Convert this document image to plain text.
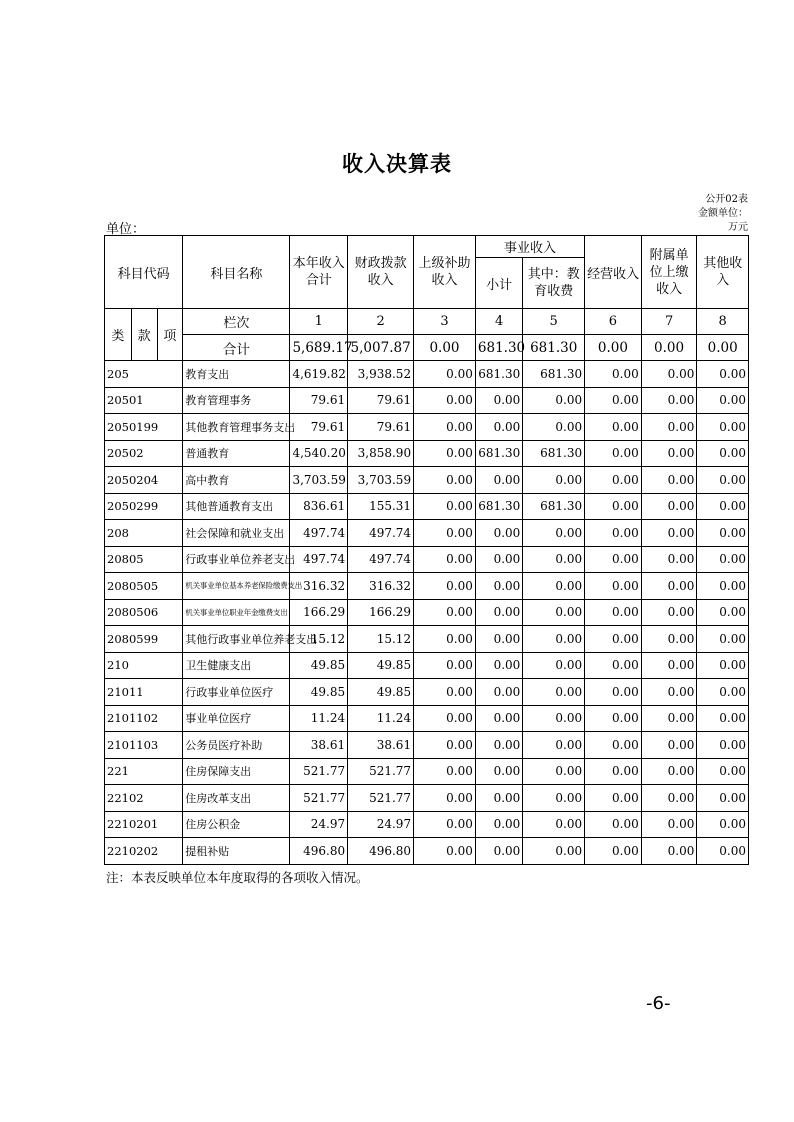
收入决算表
公开02表
金额单位：
万元
单位：
科目代码			科目名称	本年收入合计	财政拨款收入	上级补助收入	事业收入		经营收入	附属单位上缴收入	其他收入
							小计	其中：教育收费			
类	款	项	栏次	1	2	3	4	5	6	7	8
			合计	5,689.17	5,007.87	0.00	681.30	681.30	0.00	0.00	0.00
205			教育支出	4,619.82	3,938.52	0.00	681.30	681.30	0.00	0.00	0.00
20501			教育管理事务	79.61	79.61	0.00	0.00	0.00	0.00	0.00	0.00
2050199			其他教育管理事务支出	79.61	79.61	0.00	0.00	0.00	0.00	0.00	0.00
20502			普通教育	4,540.20	3,858.90	0.00	681.30	681.30	0.00	0.00	0.00
2050204			高中教育	3,703.59	3,703.59	0.00	0.00	0.00	0.00	0.00	0.00
2050299			其他普通教育支出	836.61	155.31	0.00	681.30	681.30	0.00	0.00	0.00
208			社会保障和就业支出	497.74	497.74	0.00	0.00	0.00	0.00	0.00	0.00
20805			行政事业单位养老支出	497.74	497.74	0.00	0.00	0.00	0.00	0.00	0.00
2080505			机关事业单位基本养老保险缴费支出	316.32	316.32	0.00	0.00	0.00	0.00	0.00	0.00
2080506			机关事业单位职业年金缴费支出	166.29	166.29	0.00	0.00	0.00	0.00	0.00	0.00
2080599			其他行政事业单位养老支出	15.12	15.12	0.00	0.00	0.00	0.00	0.00	0.00
210			卫生健康支出	49.85	49.85	0.00	0.00	0.00	0.00	0.00	0.00
21011			行政事业单位医疗	49.85	49.85	0.00	0.00	0.00	0.00	0.00	0.00
2101102			事业单位医疗	11.24	11.24	0.00	0.00	0.00	0.00	0.00	0.00
2101103			公务员医疗补助	38.61	38.61	0.00	0.00	0.00	0.00	0.00	0.00
221			住房保障支出	521.77	521.77	0.00	0.00	0.00	0.00	0.00	0.00
22102			住房改革支出	521.77	521.77	0.00	0.00	0.00	0.00	0.00	0.00
2210201			住房公积金	24.97	24.97	0.00	0.00	0.00	0.00	0.00	0.00
2210202			提租补贴	496.80	496.80	0.00	0.00	0.00	0.00	0.00	0.00
注：本表反映单位本年度取得的各项收入情况。
-6-
